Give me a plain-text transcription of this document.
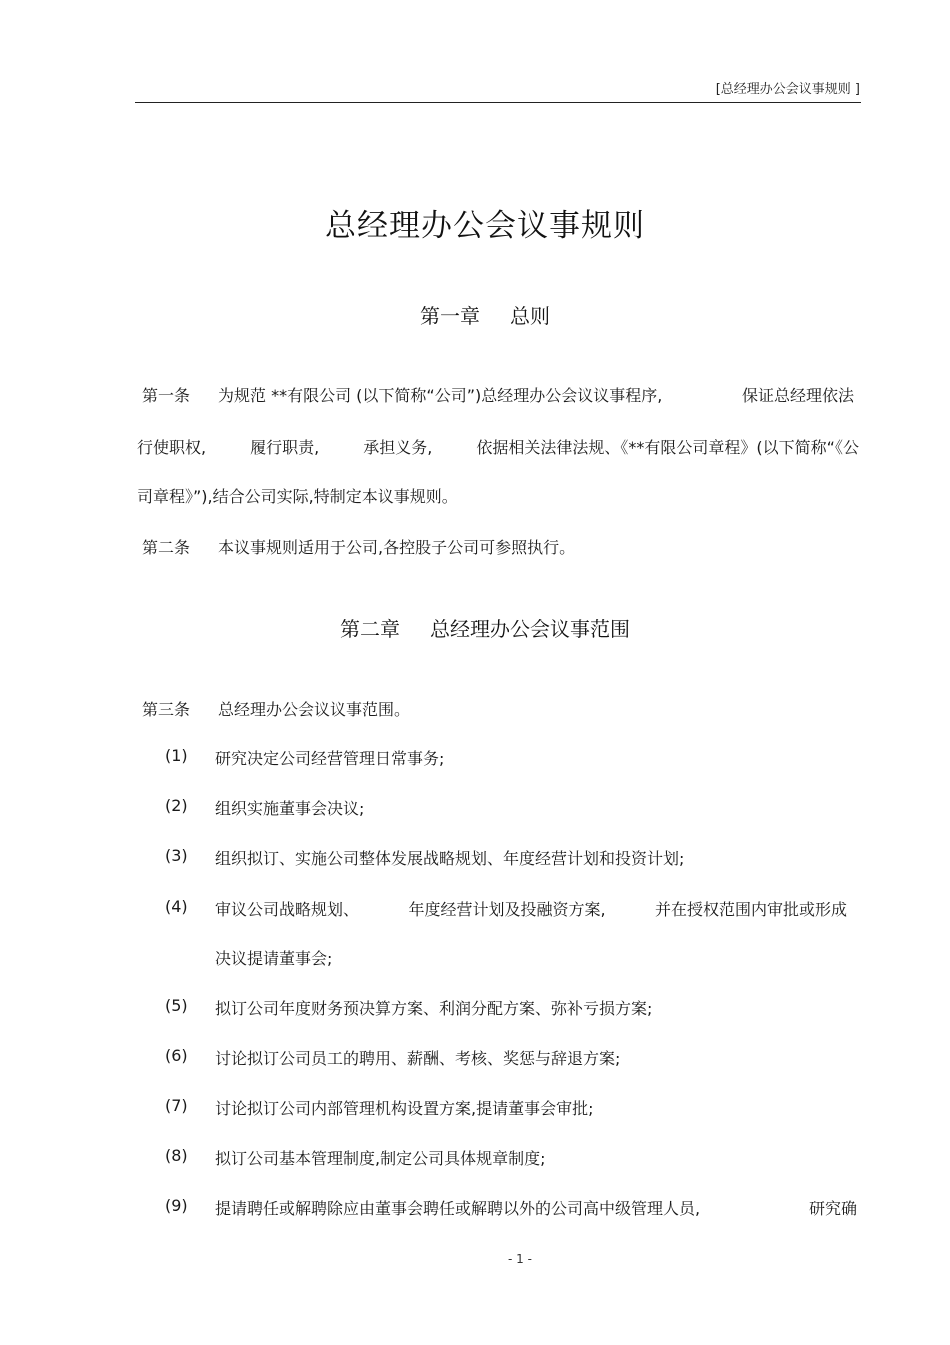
[总经理办公会议事规则 ]
总经理办公会议事规则
第一章 总则
第一条 为规范 **有限公司 (以下简称“公司”)总经理办公会议议事程序,	保证总经理依法
行使职权,	履行职责,	承担义务,	依据相关法律法规、《**有限公司章程》(以下简称“《公
司章程》”),结合公司实际,特制定本议事规则。
第二条 本议事规则适用于公司,各控股子公司可参照执行。
第二章 总经理办公会议事范围
第三条 总经理办公会议议事范围。
(1) 研究决定公司经营管理日常事务;
(2) 组织实施董事会决议;
(3) 组织拟订、实施公司整体发展战略规划、年度经营计划和投资计划;
(4) 审议公司战略规划、	年度经营计划及投融资方案,	并在授权范围内审批或形成
决议提请董事会;
(5) 拟订公司年度财务预决算方案、利润分配方案、弥补亏损方案;
(6) 讨论拟订公司员工的聘用、薪酬、考核、奖惩与辞退方案;
(7) 讨论拟订公司内部管理机构设置方案,提请董事会审批;
(8) 拟订公司基本管理制度,制定公司具体规章制度;
(9) 提请聘任或解聘除应由董事会聘任或解聘以外的公司高中级管理人员,	研究确
- 1 -
